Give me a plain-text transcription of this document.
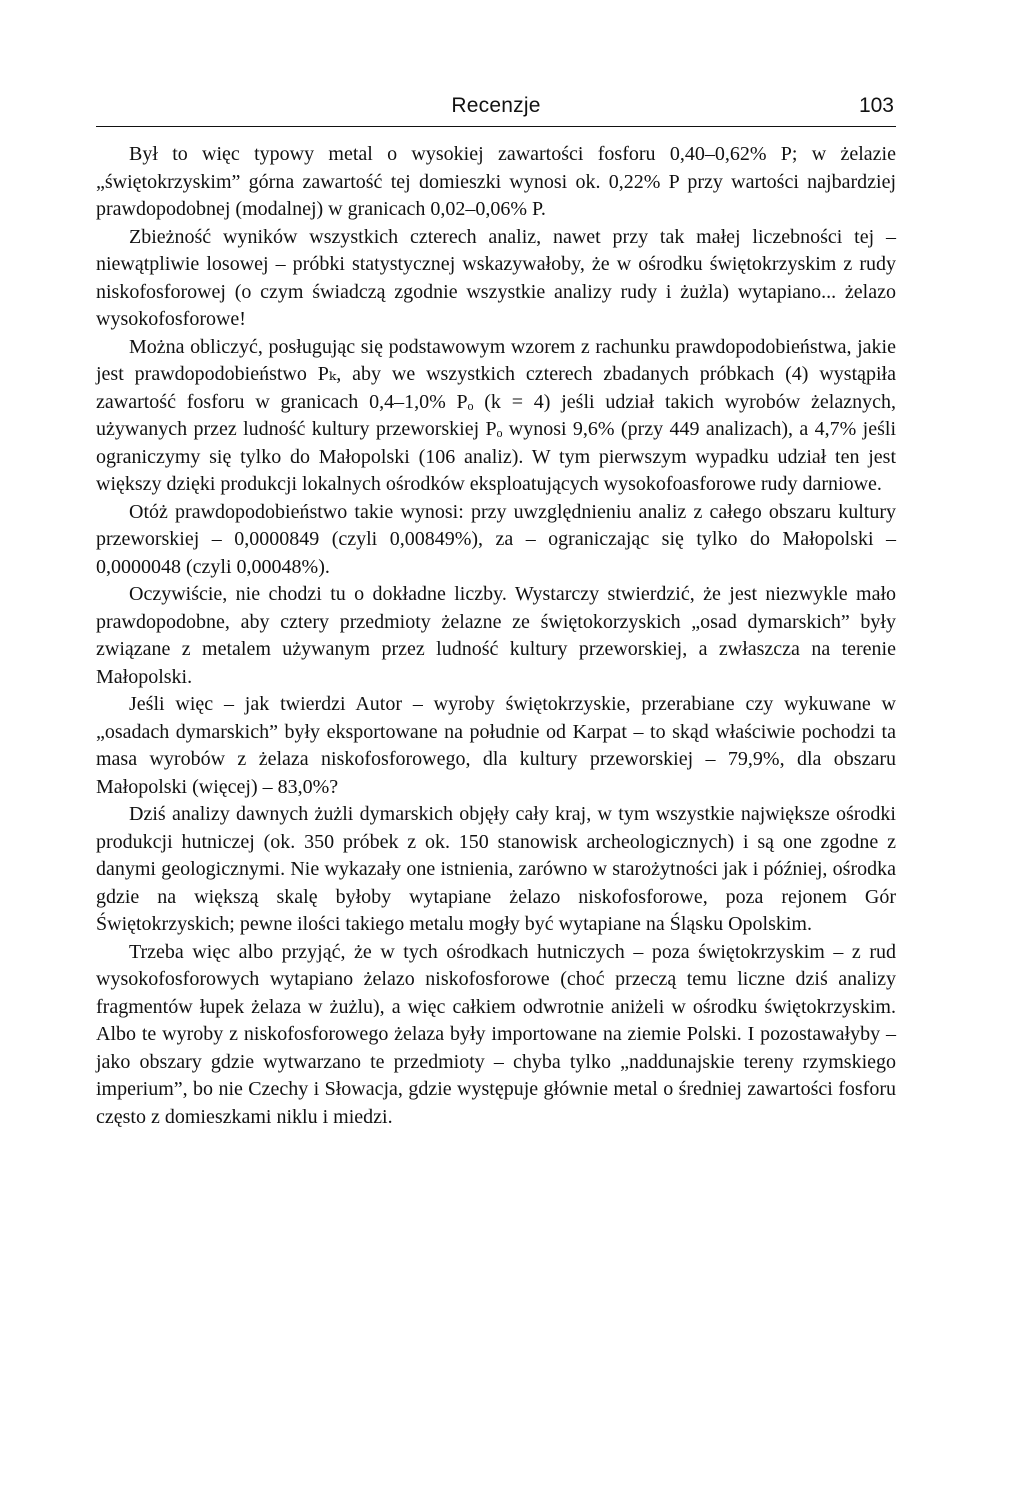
Recenzje	103

Był to więc typowy metal o wysokiej zawartości fosforu 0,40–0,62% P; w żelazie „świętokrzyskim” górna zawartość tej domieszki wynosi ok. 0,22% P przy wartości najbardziej prawdopodobnej (modalnej) w granicach 0,02–0,06% P.

Zbieżność wyników wszystkich czterech analiz, nawet przy tak małej liczebności tej – niewątpliwie losowej – próbki statystycznej wskazywałoby, że w ośrodku świętokrzyskim z rudy niskofosforowej (o czym świadczą zgodnie wszystkie analizy rudy i żużla) wytapiano... żelazo wysokofosforowe!

Można obliczyć, posługując się podstawowym wzorem z rachunku prawdopodobieństwa, jakie jest prawdopodobieństwo Pₖ, aby we wszystkich czterech zbadanych próbkach (4) wystąpiła zawartość fosforu w granicach 0,4–1,0% Pₒ (k = 4) jeśli udział takich wyrobów żelaznych, używanych przez ludność kultury przeworskiej Pₒ wynosi 9,6% (przy 449 analizach), a 4,7% jeśli ograniczymy się tylko do Małopolski (106 analiz). W tym pierwszym wypadku udział ten jest większy dzięki produkcji lokalnych ośrodków eksploatujących wysokofoasforowe rudy darniowe.

Otóż prawdopodobieństwo takie wynosi: przy uwzględnieniu analiz z całego obszaru kultury przeworskiej – 0,0000849 (czyli 0,00849%), za – ograniczając się tylko do Małopolski – 0,0000048 (czyli 0,00048%).

Oczywiście, nie chodzi tu o dokładne liczby. Wystarczy stwierdzić, że jest niezwykle mało prawdopodobne, aby cztery przedmioty żelazne ze świętokorzyskich „osad dymarskich” były związane z metalem używanym przez ludność kultury przeworskiej, a zwłaszcza na terenie Małopolski.

Jeśli więc – jak twierdzi Autor – wyroby świętokrzyskie, przerabiane czy wykuwane w „osadach dymarskich” były eksportowane na południe od Karpat – to skąd właściwie pochodzi ta masa wyrobów z żelaza niskofosforowego, dla kultury przeworskiej – 79,9%, dla obszaru Małopolski (więcej) – 83,0%?

Dziś analizy dawnych żużli dymarskich objęły cały kraj, w tym wszystkie największe ośrodki produkcji hutniczej (ok. 350 próbek z ok. 150 stanowisk archeologicznych) i są one zgodne z danymi geologicznymi. Nie wykazały one istnienia, zarówno w starożytności jak i później, ośrodka gdzie na większą skalę byłoby wytapiane żelazo niskofosforowe, poza rejonem Gór Świętokrzyskich; pewne ilości takiego metalu mogły być wytapiane na Śląsku Opolskim.

Trzeba więc albo przyjąć, że w tych ośrodkach hutniczych – poza świętokrzyskim – z rud wysokofosforowych wytapiano żelazo niskofosforowe (choć przeczą temu liczne dziś analizy fragmentów łupek żelaza w żużlu), a więc całkiem odwrotnie aniżeli w ośrodku świętokrzyskim. Albo te wyroby z niskofosforowego żelaza były importowane na ziemie Polski. I pozostawałyby – jako obszary gdzie wytwarzano te przedmioty – chyba tylko „naddunajskie tereny rzymskiego imperium”, bo nie Czechy i Słowacja, gdzie występuje głównie metal o średniej zawartości fosforu często z domieszkami niklu i miedzi.
